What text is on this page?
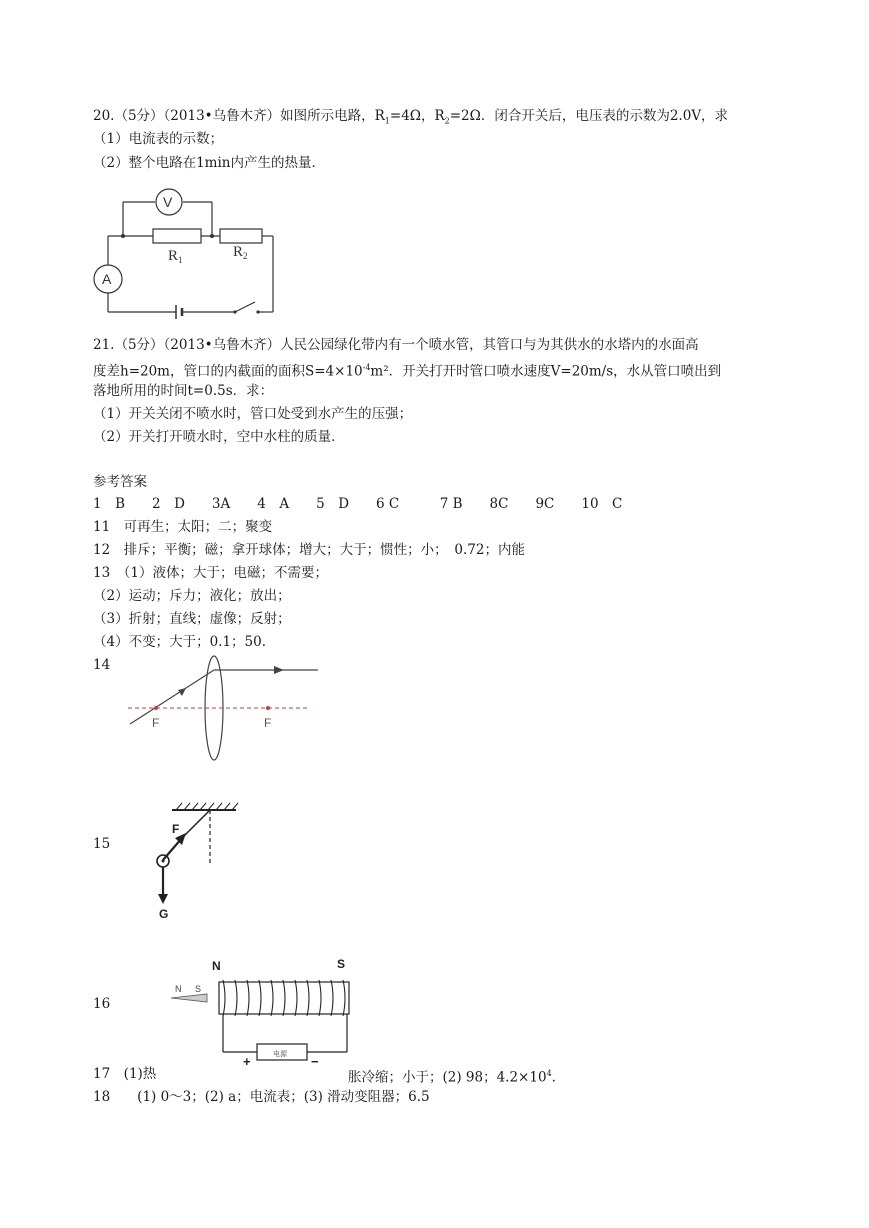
20.（5分）（2013•乌鲁木齐）如图所示电路，$R_1=4\Omega$，$R_2=2\Omega$．闭合开关后，电压表的示数为2.0V，求
（1）电流表的示数；
（2）整个电路在1min内产生的热量．
V
A
$R_1$	$R_2$
21.（5分）（2013•乌鲁木齐）人民公园绿化带内有一个喷水管，其管口与为其供水的水塔内的水面高
度差h=20m，管口的内截面的面积$S=4\times 10^{-4}m^2$．开关打开时管口喷水速度V=20m/s，水从管口喷出到
落地所用的时间t=0.5s．求：
（1）开关关闭不喷水时，管口处受到水产生的压强；
（2）开关打开喷水时，空中水柱的质量．
参考答案
1　B　　2　D　　3A　　4　A　　5　D　　6 C　　　7 B　　8C　　9C　　10　C
11　可再生；太阳；二；聚变
12　排斥；平衡；磁；拿开球体；增大；大于；惯性；小；　0.72；内能
13　（1）液体；大于；电磁；不需要；
（2）运动；斥力；液化；放出；
（3）折射；直线；虚像；反射；
（4）不变；大于；0.1；50.
14
F	F
15
F
G
16
N	S
N S
电源
+	−
17　(1)热	胀冷缩；小于；(2) 98；$4.2\times 10^4$.
18　　(1) 0～3；(2) a；电流表；(3) 滑动变阻器；6.5
